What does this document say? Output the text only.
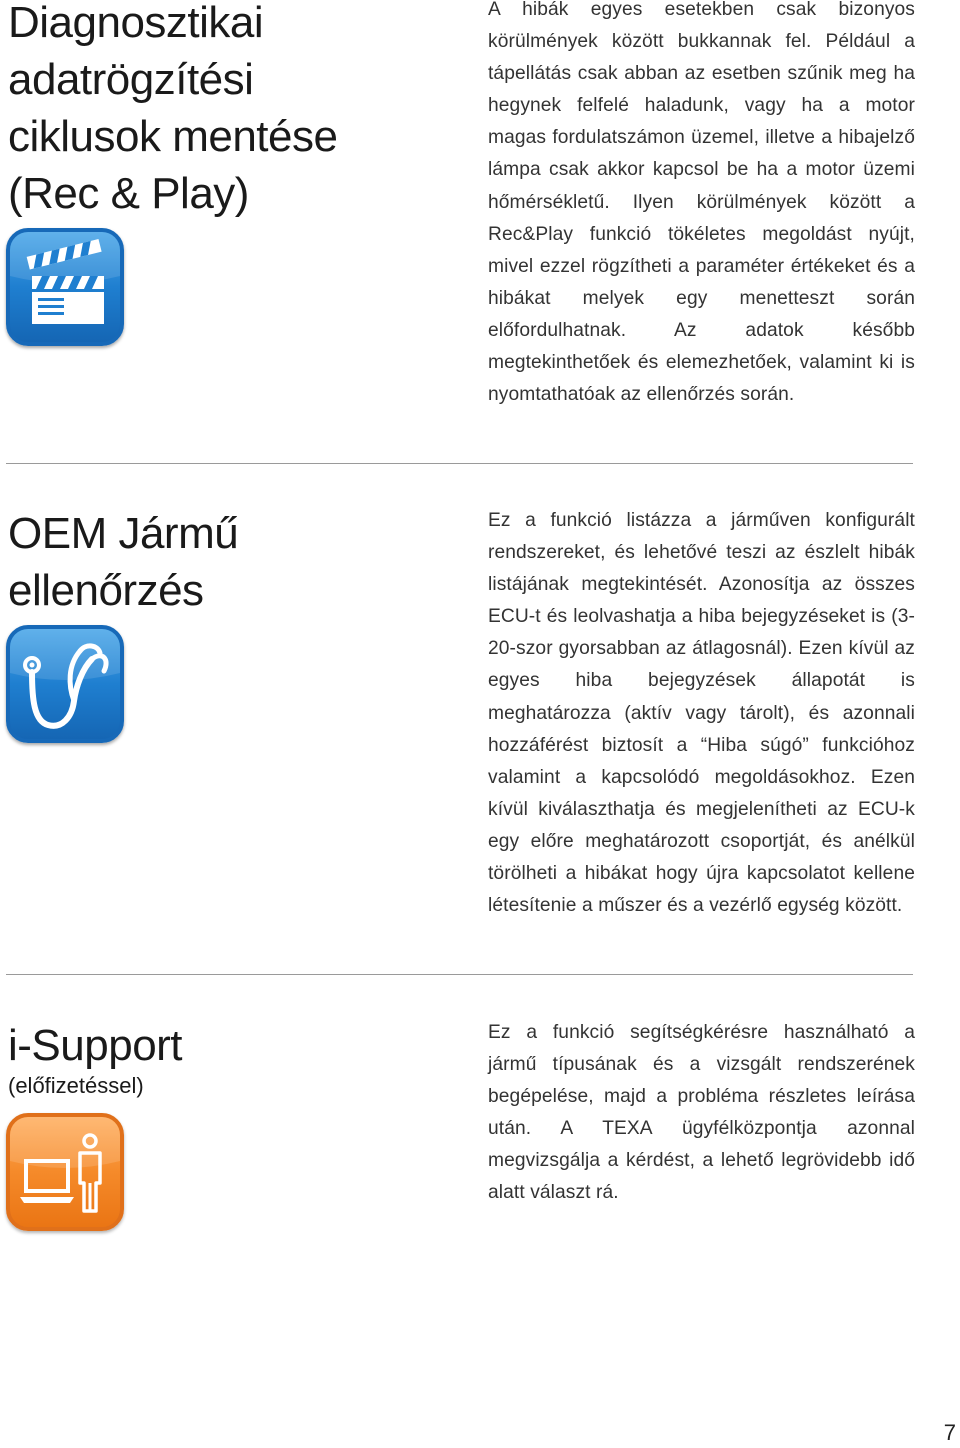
Diagnosztikai
adatrögzítési
ciklusok mentése
(Rec & Play)

A hibák egyes esetekben csak bizonyos körülmények között bukkannak fel. Például a tápellátás csak abban az esetben szűnik meg ha hegynek felfelé haladunk, vagy ha a motor magas fordulatszámon üzemel, illetve a hibajelző lámpa csak akkor kapcsol be ha a motor üzemi hőmérsékletű. Ilyen körülmények között a Rec&Play funkció tökéletes megoldást nyújt, mivel ezzel rögzítheti a paraméter értékeket és a hibákat melyek egy menetteszt során előfordulhatnak. Az adatok később megtekinthetőek és elemezhetőek, valamint ki is nyomtathatóak az ellenőrzés során.

OEM Jármű
ellenőrzés

Ez a funkció listázza a járműven konfigurált rendszereket, és lehetővé teszi az észlelt hibák listájának megtekintését. Azonosítja az összes ECU-t és leolvashatja a hiba bejegyzéseket is (3-20-szor gyorsabban az átlagosnál). Ezen kívül az egyes hiba bejegyzések állapotát is meghatározza (aktív vagy tárolt), és azonnali hozzáférést biztosít a “Hiba súgó” funkcióhoz valamint a kapcsolódó megoldásokhoz. Ezen kívül kiválaszthatja és megjelenítheti az ECU-k egy előre meghatározott csoportját, és anélkül törölheti a hibákat hogy újra kapcsolatot kellene létesítenie a műszer és a vezérlő egység között.

i-Support

(előfizetéssel)

Ez a funkció segítségkérésre használható a jármű típusának és a vizsgált rendszerének begépelése, majd a probléma részletes leírása után. A TEXA ügyfélközpontja azonnal megvizsgálja a kérdést, a lehető legrövidebb idő alatt választ rá.

7
